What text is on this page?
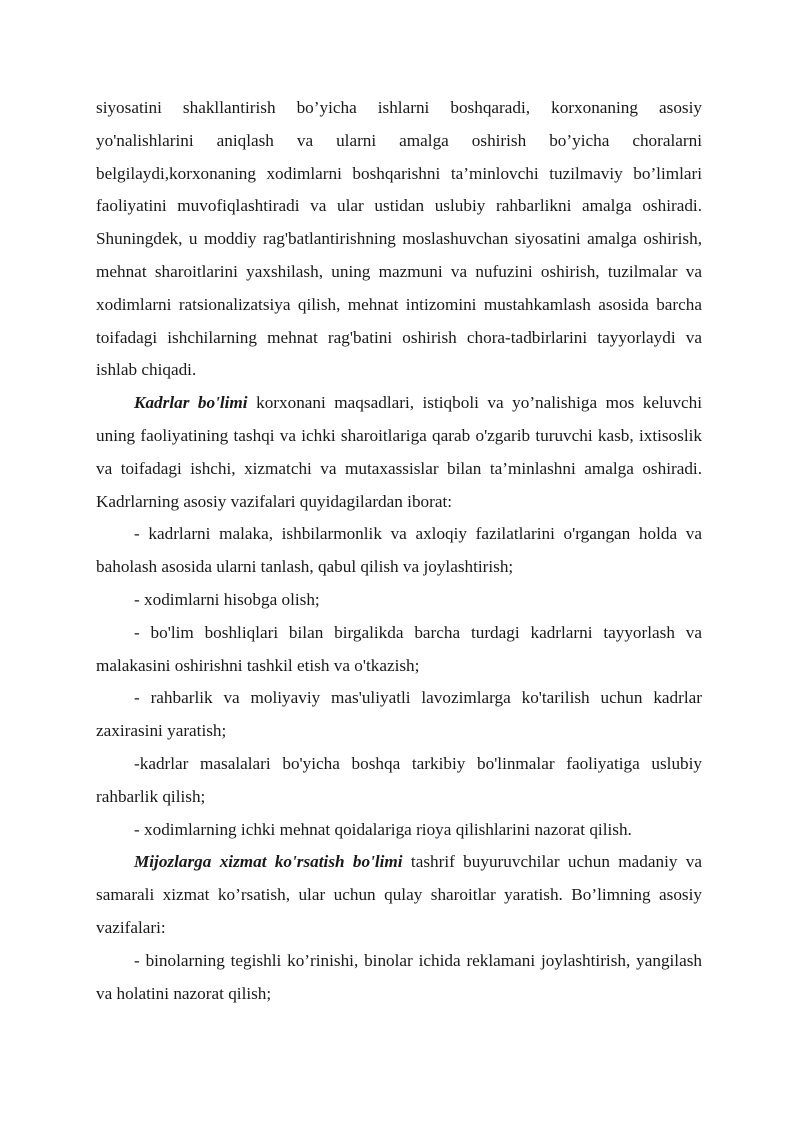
siyosatini shakllantirish bo’yicha ishlarni boshqaradi, korxonaning asosiy yo'nalishlarini aniqlash va ularni amalga oshirish bo’yicha choralarni belgilaydi,korxonaning xodimlarni boshqarishni ta’minlovchi tuzilmaviy bo’limlari faoliyatini muvofiqlashtiradi va ular ustidan uslubiy rahbarlikni amalga oshiradi. Shuningdek, u moddiy rag'batlantirishning moslashuvchan siyosatini amalga oshirish, mehnat sharoitlarini yaxshilash, uning mazmuni va nufuzini oshirish, tuzilmalar va xodimlarni ratsionalizatsiya qilish, mehnat intizomini mustahkamlash asosida barcha toifadagi ishchilarning mehnat rag'batini oshirish chora-tadbirlarini tayyorlaydi va ishlab chiqadi.

Kadrlar bo'limi korxonani maqsadlari, istiqboli va yo’nalishiga mos keluvchi uning faoliyatining tashqi va ichki sharoitlariga qarab o'zgarib turuvchi kasb, ixtisoslik va toifadagi ishchi, xizmatchi va mutaxassislar bilan ta’minlashni amalga oshiradi. Kadrlarning asosiy vazifalari quyidagilardan iborat:

- kadrlarni malaka, ishbilarmonlik va axloqiy fazilatlarini o'rgangan holda va baholash asosida ularni tanlash, qabul qilish va joylashtirish;

- xodimlarni hisobga olish;

- bo'lim boshliqlari bilan birgalikda barcha turdagi kadrlarni tayyorlash va malakasini oshirishni tashkil etish va o'tkazish;

- rahbarlik va moliyaviy mas'uliyatli lavozimlarga ko'tarilish uchun kadrlar zaxirasini yaratish;

-kadrlar masalalari bo'yicha boshqa tarkibiy bo'linmalar faoliyatiga uslubiy rahbarlik qilish;

- xodimlarning ichki mehnat qoidalariga rioya qilishlarini nazorat qilish.

Mijozlarga xizmat ko'rsatish bo'limi tashrif buyuruvchilar uchun madaniy va samarali xizmat ko’rsatish, ular uchun qulay sharoitlar yaratish. Bo’limning asosiy vazifalari:

- binolarning tegishli ko’rinishi, binolar ichida reklamani joylashtirish, yangilash va holatini nazorat qilish;
